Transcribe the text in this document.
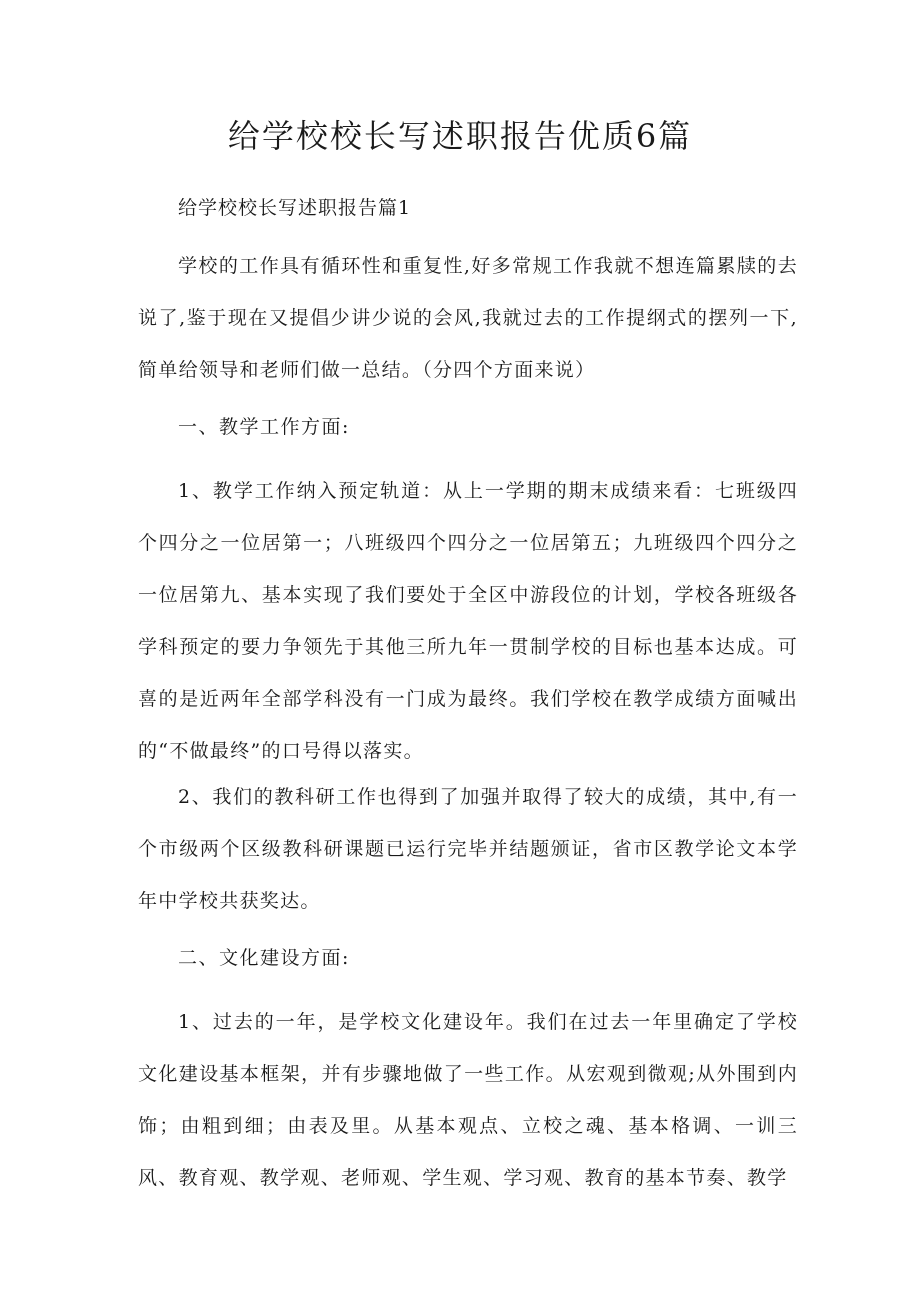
给学校校长写述职报告优质6篇

给学校校长写述职报告篇1

学校的工作具有循环性和重复性,好多常规工作我就不想连篇累牍的去说了,鉴于现在又提倡少讲少说的会风,我就过去的工作提纲式的摆列一下,简单给领导和老师们做一总结。（分四个方面来说）

一、教学工作方面:

1、教学工作纳入预定轨道：从上一学期的期末成绩来看：七班级四个四分之一位居第一；八班级四个四分之一位居第五；九班级四个四分之一位居第九、基本实现了我们要处于全区中游段位的计划，学校各班级各学科预定的要力争领先于其他三所九年一贯制学校的目标也基本达成。可喜的是近两年全部学科没有一门成为最终。我们学校在教学成绩方面喊出的“不做最终”的口号得以落实。

2、我们的教科研工作也得到了加强并取得了较大的成绩，其中,有一个市级两个区级教科研课题已运行完毕并结题颁证，省市区教学论文本学年中学校共获奖达。

二、文化建设方面:

1、过去的一年，是学校文化建设年。我们在过去一年里确定了学校文化建设基本框架，并有步骤地做了一些工作。从宏观到微观;从外围到内饰；由粗到细；由表及里。从基本观点、立校之魂、基本格调、一训三风、教育观、教学观、老师观、学生观、学习观、教育的基本节奏、教学
